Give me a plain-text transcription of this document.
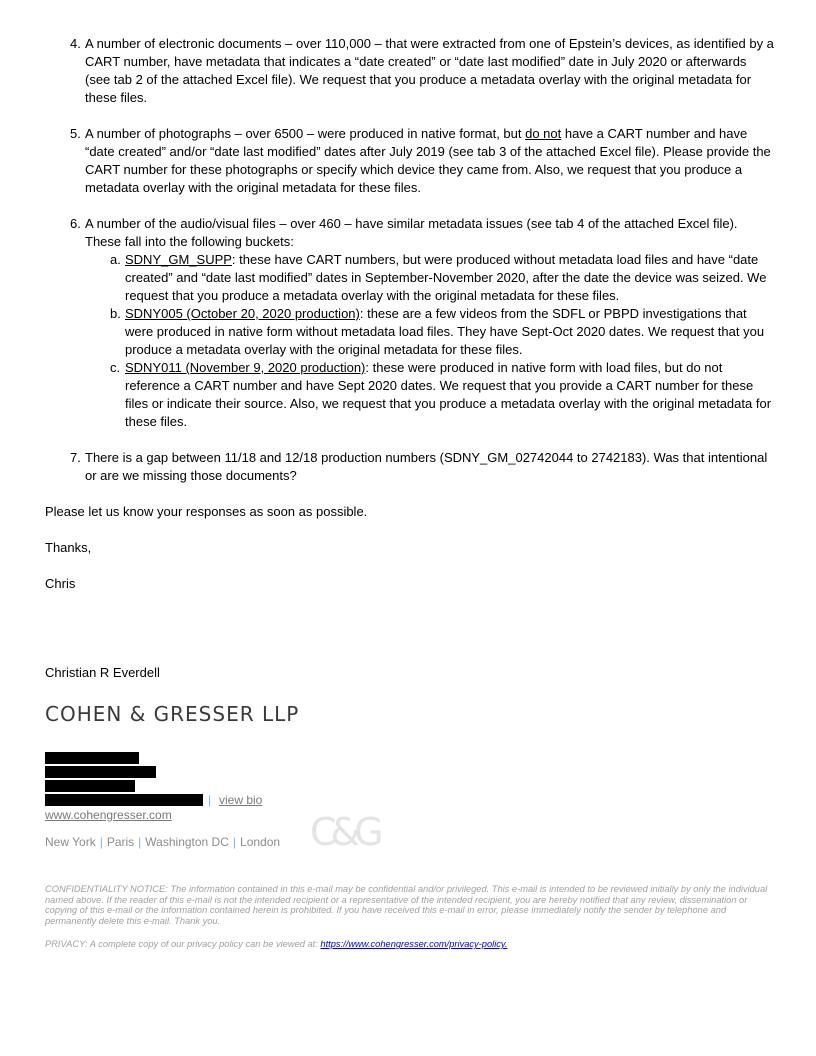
4. A number of electronic documents – over 110,000 – that were extracted from one of Epstein’s devices, as identified by a CART number, have metadata that indicates a “date created” or “date last modified” date in July 2020 or afterwards (see tab 2 of the attached Excel file). We request that you produce a metadata overlay with the original metadata for these files.
5. A number of photographs – over 6500 – were produced in native format, but do not have a CART number and have “date created” and/or “date last modified” dates after July 2019 (see tab 3 of the attached Excel file). Please provide the CART number for these photographs or specify which device they came from. Also, we request that you produce a metadata overlay with the original metadata for these files.
6. A number of the audio/visual files – over 460 – have similar metadata issues (see tab 4 of the attached Excel file). These fall into the following buckets:
a. SDNY_GM_SUPP: these have CART numbers, but were produced without metadata load files and have “date created” and “date last modified” dates in September-November 2020, after the date the device was seized. We request that you produce a metadata overlay with the original metadata for these files.
b. SDNY005 (October 20, 2020 production): these are a few videos from the SDFL or PBPD investigations that were produced in native form without metadata load files. They have Sept-Oct 2020 dates. We request that you produce a metadata overlay with the original metadata for these files.
c. SDNY011 (November 9, 2020 production): these were produced in native form with load files, but do not reference a CART number and have Sept 2020 dates. We request that you provide a CART number for these files or indicate their source. Also, we request that you produce a metadata overlay with the original metadata for these files.
7. There is a gap between 11/18 and 12/18 production numbers (SDNY_GM_02742044 to 2742183). Was that intentional or are we missing those documents?
Please let us know your responses as soon as possible.
Thanks,
Chris
Christian R Everdell
COHEN & GRESSER LLP
| view bio
www.cohengresser.com
New York | Paris | Washington DC | London C&G
CONFIDENTIALITY NOTICE: The information contained in this e-mail may be confidential and/or privileged. This e-mail is intended to be reviewed initially by only the individual named above. If the reader of this e-mail is not the intended recipient or a representative of the intended recipient, you are hereby notified that any review, dissemination or copying of this e-mail or the information contained herein is prohibited. If you have received this e-mail in error, please immediately notify the sender by telephone and permanently delete this e-mail. Thank you.
PRIVACY: A complete copy of our privacy policy can be viewed at: https://www.cohengresser.com/privacy-policy.
